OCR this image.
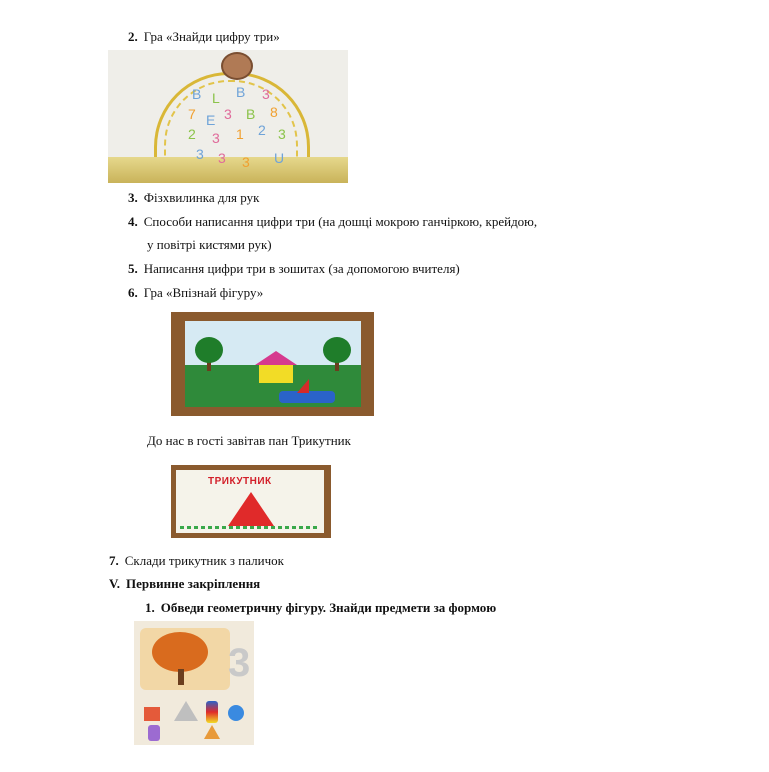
2. Гра «Знайди цифру три»
B L B 3
7 E 3 B 8
2 3 1 2 3
3 3 3 U
3. Фізхвилинка для рук
4. Способи написання цифри три (на дошці мокрою ганчіркою, крейдою,
у повітрі кистями рук)
5. Написання цифри три в зошитах (за допомогою вчителя)
6. Гра «Впізнай фігуру»
До нас в гості завітав пан Трикутник
ТРИКУТНИК
7. Склади трикутник з паличок
V. Первинне закріплення
1. Обведи геометричну фігуру. Знайди предмети за формою
3
